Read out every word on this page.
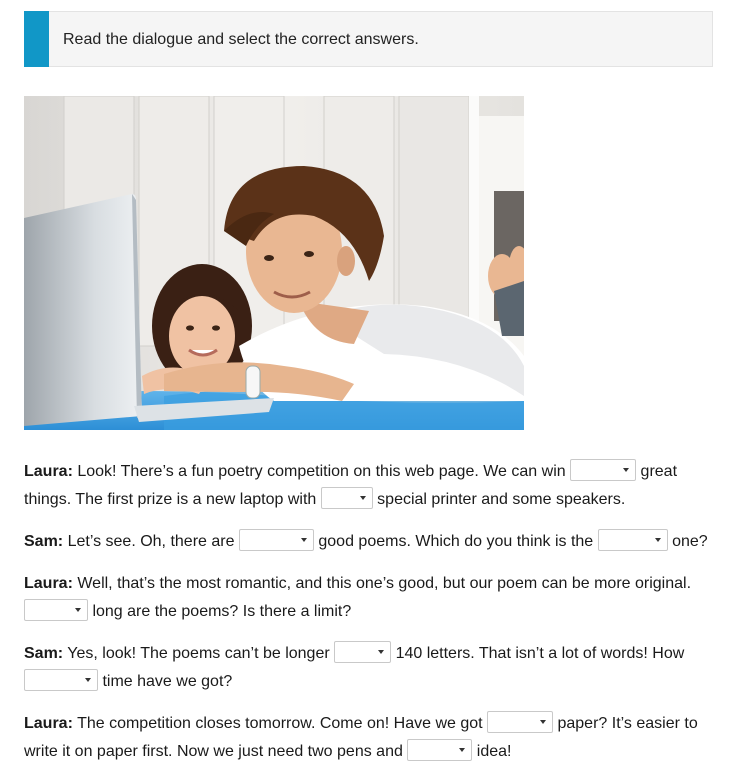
Read the dialogue and select the correct answers.

Laura: Look! There’s a fun poetry competition on this web page. We can win	great things. The first prize is a new laptop with	special printer and some speakers.

Sam: Let’s see. Oh, there are	good poems. Which do you think is the	one?

Laura: Well, that’s the most romantic, and this one’s good, but our poem can be more original.
long are the poems? Is there a limit?

Sam: Yes, look! The poems can’t be longer	140 letters. That isn’t a lot of words! How
time have we got?

Laura: The competition closes tomorrow. Come on! Have we got	paper? It’s easier to write it on paper first. Now we just need two pens and	idea!
